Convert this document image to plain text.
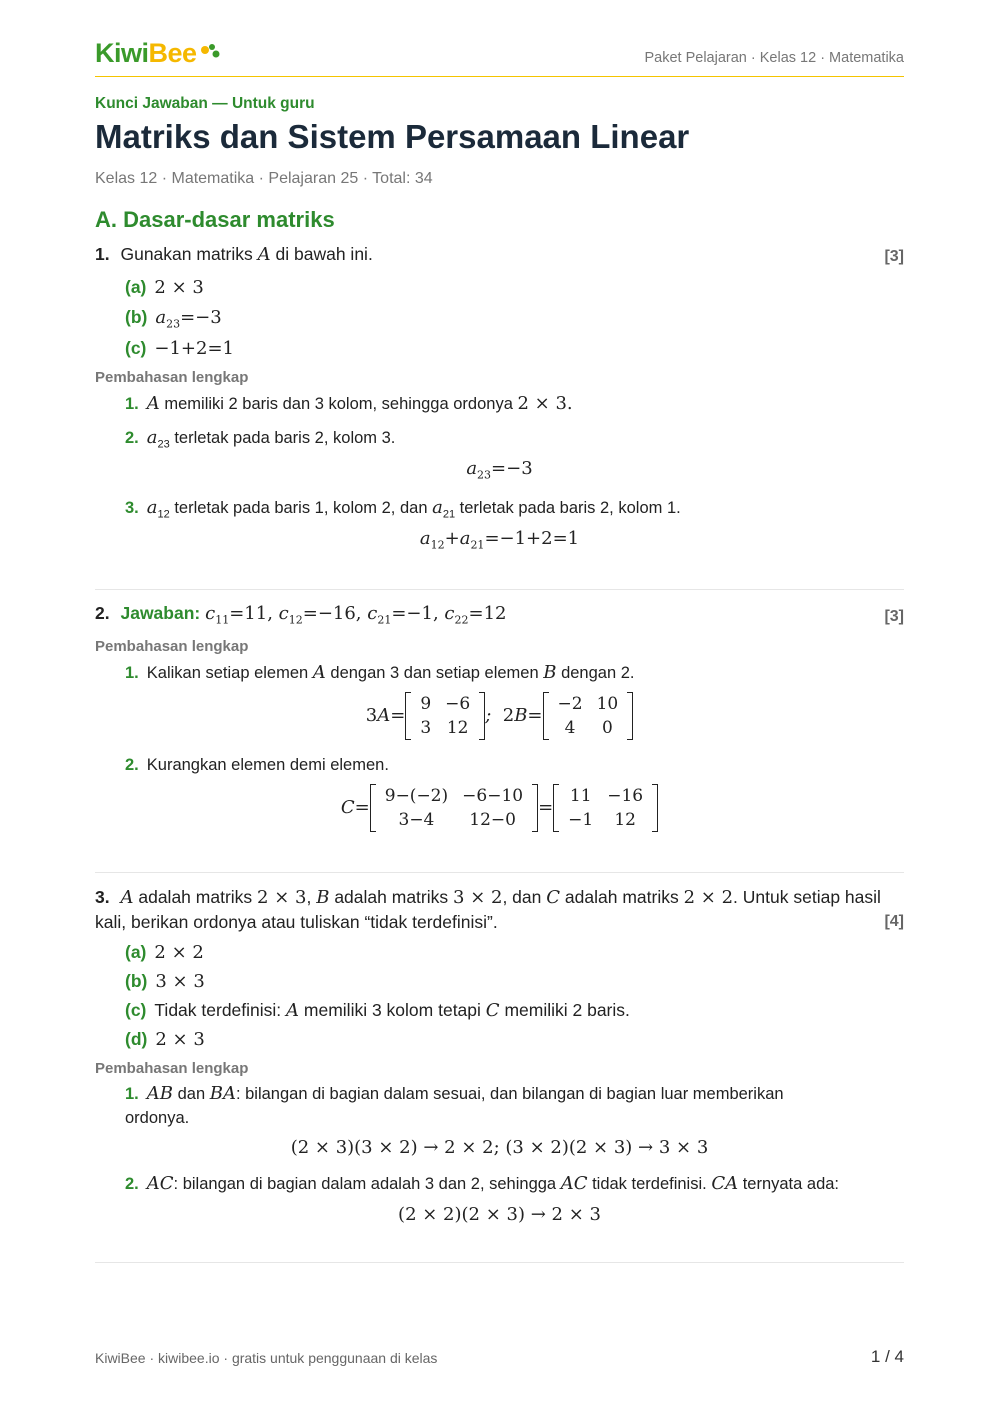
KiwiBee	Paket Pelajaran · Kelas 12 · Matematika
Kunci Jawaban — Untuk guru
Matriks dan Sistem Persamaan Linear
Kelas 12 · Matematika · Pelajaran 25 · Total: 34
A. Dasar-dasar matriks
1. Gunakan matriks A di bawah ini.	[3]
(a) 2 × 3
(b) $a_{23}=-3$
(c) −1+2=1
Pembahasan lengkap
1. A memiliki 2 baris dan 3 kolom, sehingga ordonya 2 × 3.
2. $a_{23}$ terletak pada baris 2, kolom 3.
$a_{23}=-3$
3. $a_{12}$ terletak pada baris 1, kolom 2, dan $a_{21}$ terletak pada baris 2, kolom 1.
$a_{12}+a_{21}=-1+2=1$
2. Jawaban: $c_{11}=11$, $c_{12}=-16$, $c_{21}=-1$, $c_{22}=12$	[3]
Pembahasan lengkap
1. Kalikan setiap elemen A dengan 3 dan setiap elemen B dengan 2.
3A=
9	−6
3	12
;  2B=
−2	10
4	0
2. Kurangkan elemen demi elemen.
C=
9−(−2)	−6−10
3−4	12−0
=
11	−16
−1	12
3. A adalah matriks 2 × 3, B adalah matriks 3 × 2, dan C adalah matriks 2 × 2. Untuk setiap hasil
kali, berikan ordonya atau tuliskan “tidak terdefinisi”.	[4]
(a) 2 × 2
(b) 3 × 3
(c) Tidak terdefinisi: A memiliki 3 kolom tetapi C memiliki 2 baris.
(d) 2 × 3
Pembahasan lengkap
1. AB dan BA: bilangan di bagian dalam sesuai, dan bilangan di bagian luar memberikan
ordonya.
(2 × 3)(3 × 2) → 2 × 2; (3 × 2)(2 × 3) → 3 × 3
2. AC: bilangan di bagian dalam adalah 3 dan 2, sehingga AC tidak terdefinisi. CA ternyata ada:
(2 × 2)(2 × 3) → 2 × 3
KiwiBee · kiwibee.io · gratis untuk penggunaan di kelas	1 / 4
